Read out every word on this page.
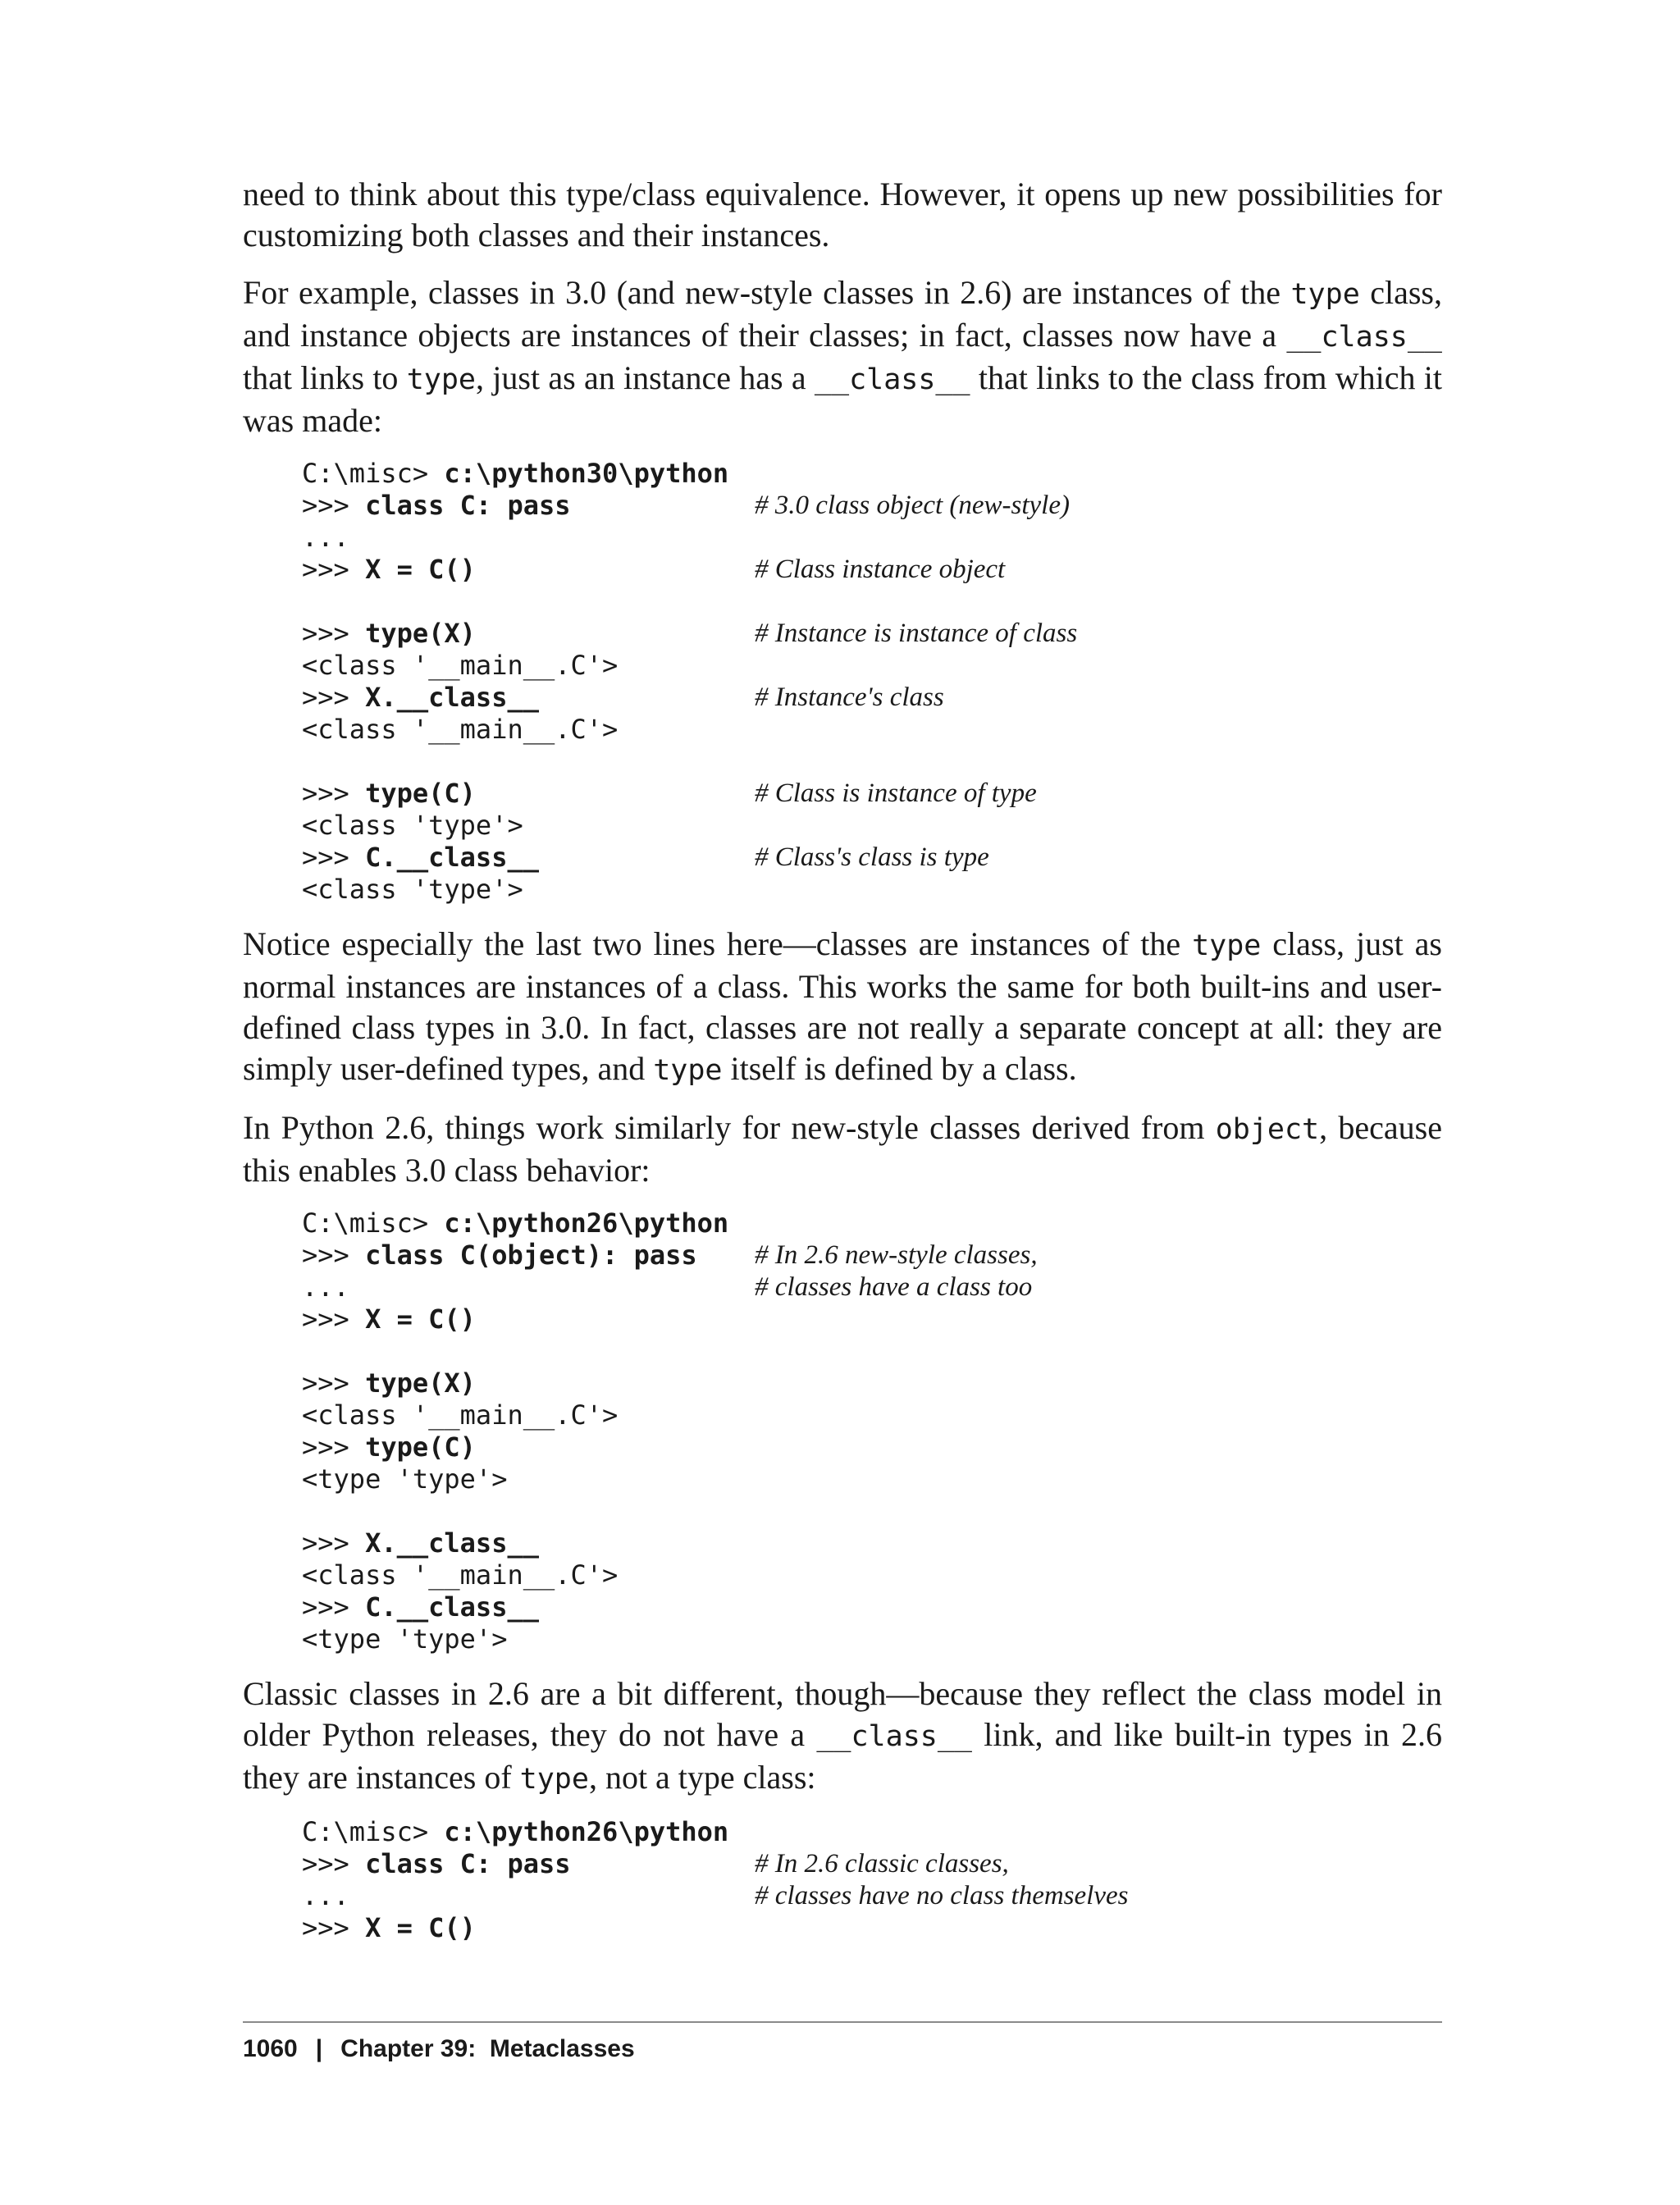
need to think about this type/class equivalence. However, it opens up new possibilities for customizing both classes and their instances.

For example, classes in 3.0 (and new-style classes in 2.6) are instances of the type class, and instance objects are instances of their classes; in fact, classes now have a __class__ that links to type, just as an instance has a __class__ that links to the class from which it was made:

C:\misc> c:\python30\python
>>> class C: pass	# 3.0 class object (new-style)
...
>>> X = C()	# Class instance object
>>> type(X)	# Instance is instance of class
<class '__main__.C'>
>>> X.__class__	# Instance's class
<class '__main__.C'>
>>> type(C)	# Class is instance of type
<class 'type'>
>>> C.__class__	# Class's class is type
<class 'type'>

Notice especially the last two lines here—classes are instances of the type class, just as normal instances are instances of a class. This works the same for both built-ins and user-defined class types in 3.0. In fact, classes are not really a separate concept at all: they are simply user-defined types, and type itself is defined by a class.

In Python 2.6, things work similarly for new-style classes derived from object, because this enables 3.0 class behavior:

C:\misc> c:\python26\python
>>> class C(object): pass	# In 2.6 new-style classes,
...	# classes have a class too
>>> X = C()
>>> type(X)
<class '__main__.C'>
>>> type(C)
<type 'type'>
>>> X.__class__
<class '__main__.C'>
>>> C.__class__
<type 'type'>

Classic classes in 2.6 are a bit different, though—because they reflect the class model in older Python releases, they do not have a __class__ link, and like built-in types in 2.6 they are instances of type, not a type class:

C:\misc> c:\python26\python
>>> class C: pass	# In 2.6 classic classes,
...	# classes have no class themselves
>>> X = C()
1060 | Chapter 39:  Metaclasses
